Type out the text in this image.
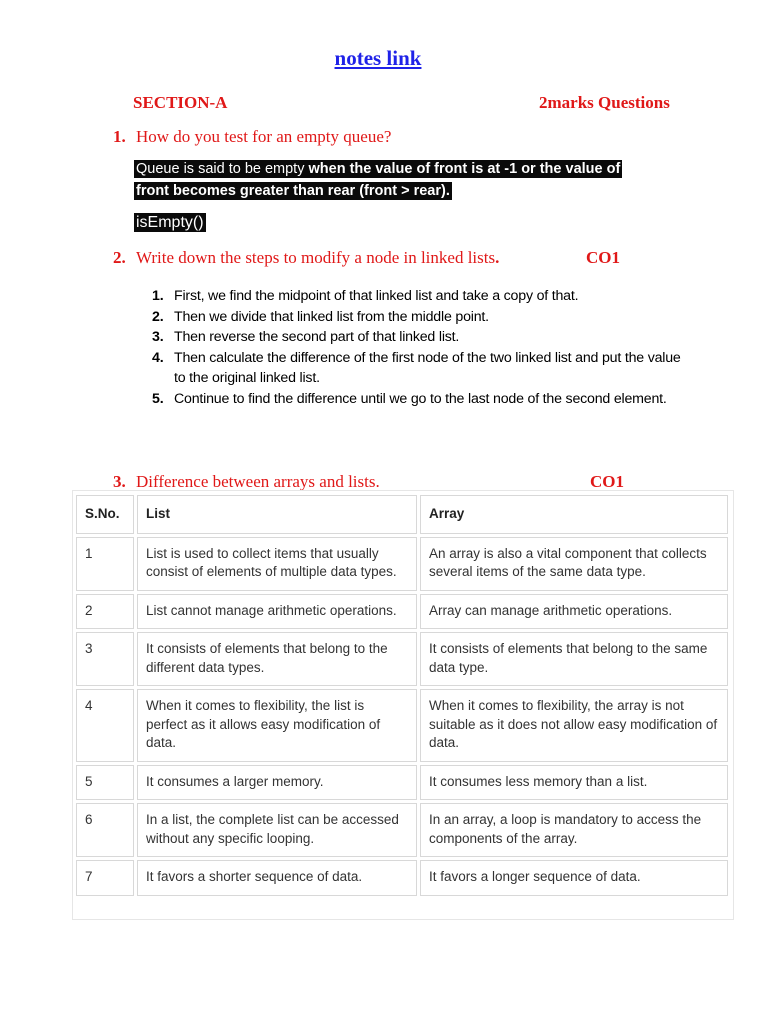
notes link
SECTION-A	2marks Questions
1. How do you test for an empty queue?
Queue is said to be empty when the value of front is at -1 or the value of
front becomes greater than rear (front > rear).
isEmpty()
2. Write down the steps to modify a node in linked lists.	CO1
1. First, we find the midpoint of that linked list and take a copy of that.
2. Then we divide that linked list from the middle point.
3. Then reverse the second part of that linked list.
4. Then calculate the difference of the first node of the two linked list and put the value to the original linked list.
5. Continue to find the difference until we go to the last node of the second element.
3. Difference between arrays and lists.	CO1
S.No.	List	Array
1	List is used to collect items that usually consist of elements of multiple data types.	An array is also a vital component that collects several items of the same data type.
2	List cannot manage arithmetic operations.	Array can manage arithmetic operations.
3	It consists of elements that belong to the different data types.	It consists of elements that belong to the same data type.
4	When it comes to flexibility, the list is perfect as it allows easy modification of data.	When it comes to flexibility, the array is not suitable as it does not allow easy modification of data.
5	It consumes a larger memory.	It consumes less memory than a list.
6	In a list, the complete list can be accessed without any specific looping.	In an array, a loop is mandatory to access the components of the array.
7	It favors a shorter sequence of data.	It favors a longer sequence of data.
